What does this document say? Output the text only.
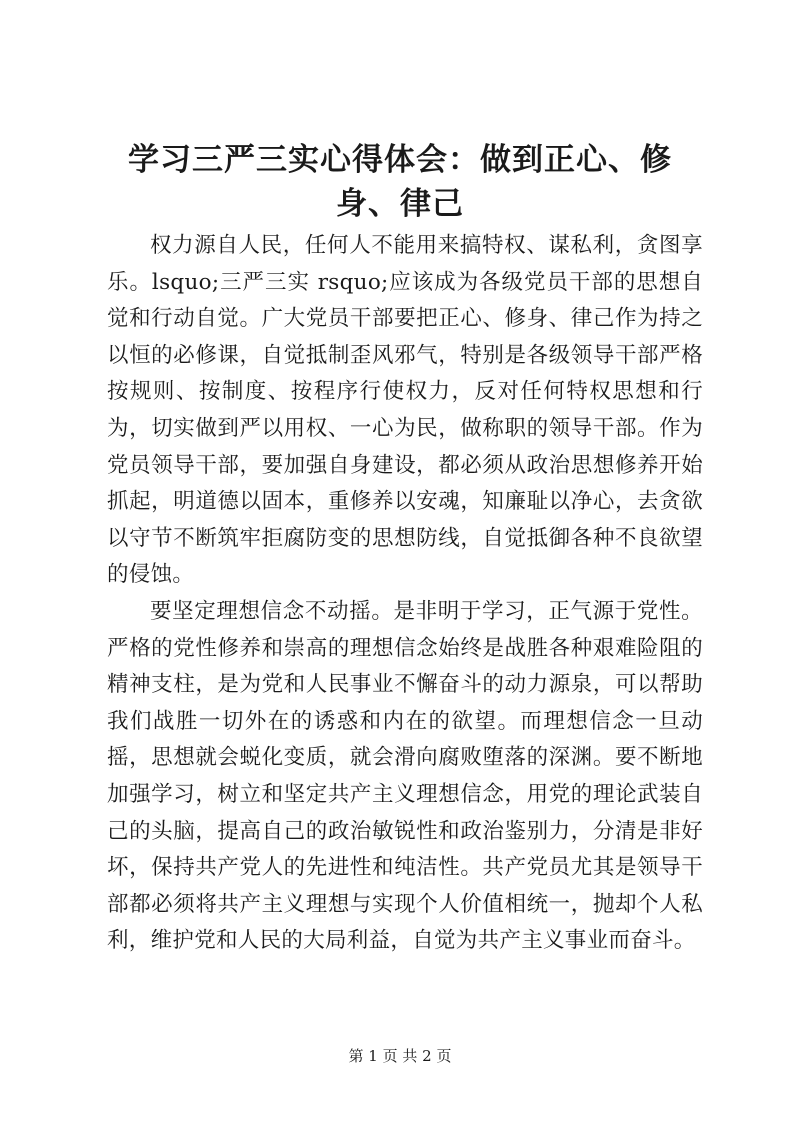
学习三严三实心得体会：做到正心、修身、律己

权力源自人民，任何人不能用来搞特权、谋私利，贪图享乐。lsquo;三严三实 rsquo;应该成为各级党员干部的思想自觉和行动自觉。广大党员干部要把正心、修身、律己作为持之以恒的必修课，自觉抵制歪风邪气，特别是各级领导干部严格按规则、按制度、按程序行使权力，反对任何特权思想和行为，切实做到严以用权、一心为民，做称职的领导干部。作为党员领导干部，要加强自身建设，都必须从政治思想修养开始抓起，明道德以固本，重修养以安魂，知廉耻以净心，去贪欲以守节不断筑牢拒腐防变的思想防线，自觉抵御各种不良欲望的侵蚀。

要坚定理想信念不动摇。是非明于学习，正气源于党性。严格的党性修养和崇高的理想信念始终是战胜各种艰难险阻的精神支柱，是为党和人民事业不懈奋斗的动力源泉，可以帮助我们战胜一切外在的诱惑和内在的欲望。而理想信念一旦动摇，思想就会蜕化变质，就会滑向腐败堕落的深渊。要不断地加强学习，树立和坚定共产主义理想信念，用党的理论武装自己的头脑，提高自己的政治敏锐性和政治鉴别力，分清是非好坏，保持共产党人的先进性和纯洁性。共产党员尤其是领导干部都必须将共产主义理想与实现个人价值相统一，抛却个人私利，维护党和人民的大局利益，自觉为共产主义事业而奋斗。

第 1 页 共 2 页
